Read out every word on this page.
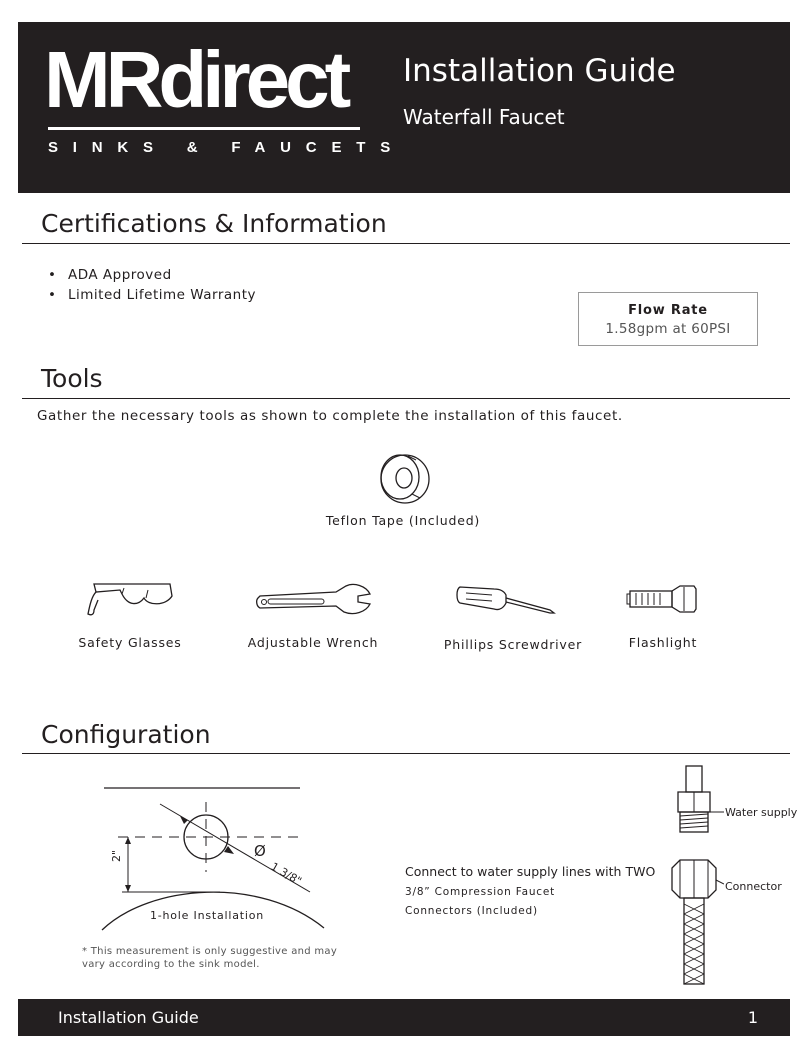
MRdirect
SINKS & FAUCETS
Installation Guide
Waterfall Faucet
Certifications & Information
• ADA Approved
• Limited Lifetime Warranty
Flow Rate
1.58gpm at 60PSI
Tools
Gather the necessary tools as shown to complete the installation of this faucet.
Teflon Tape (Included)
Safety Glasses	Adjustable Wrench	Phillips Screwdriver	Flashlight
Configuration
2"	Ø
1 3/8"
1-hole Installation
* This measurement is only suggestive and may vary according to the sink model.
Connect to water supply lines with TWO
3/8” Compression Faucet Connectors (Included)
Water supply
Connector
Installation Guide	1
